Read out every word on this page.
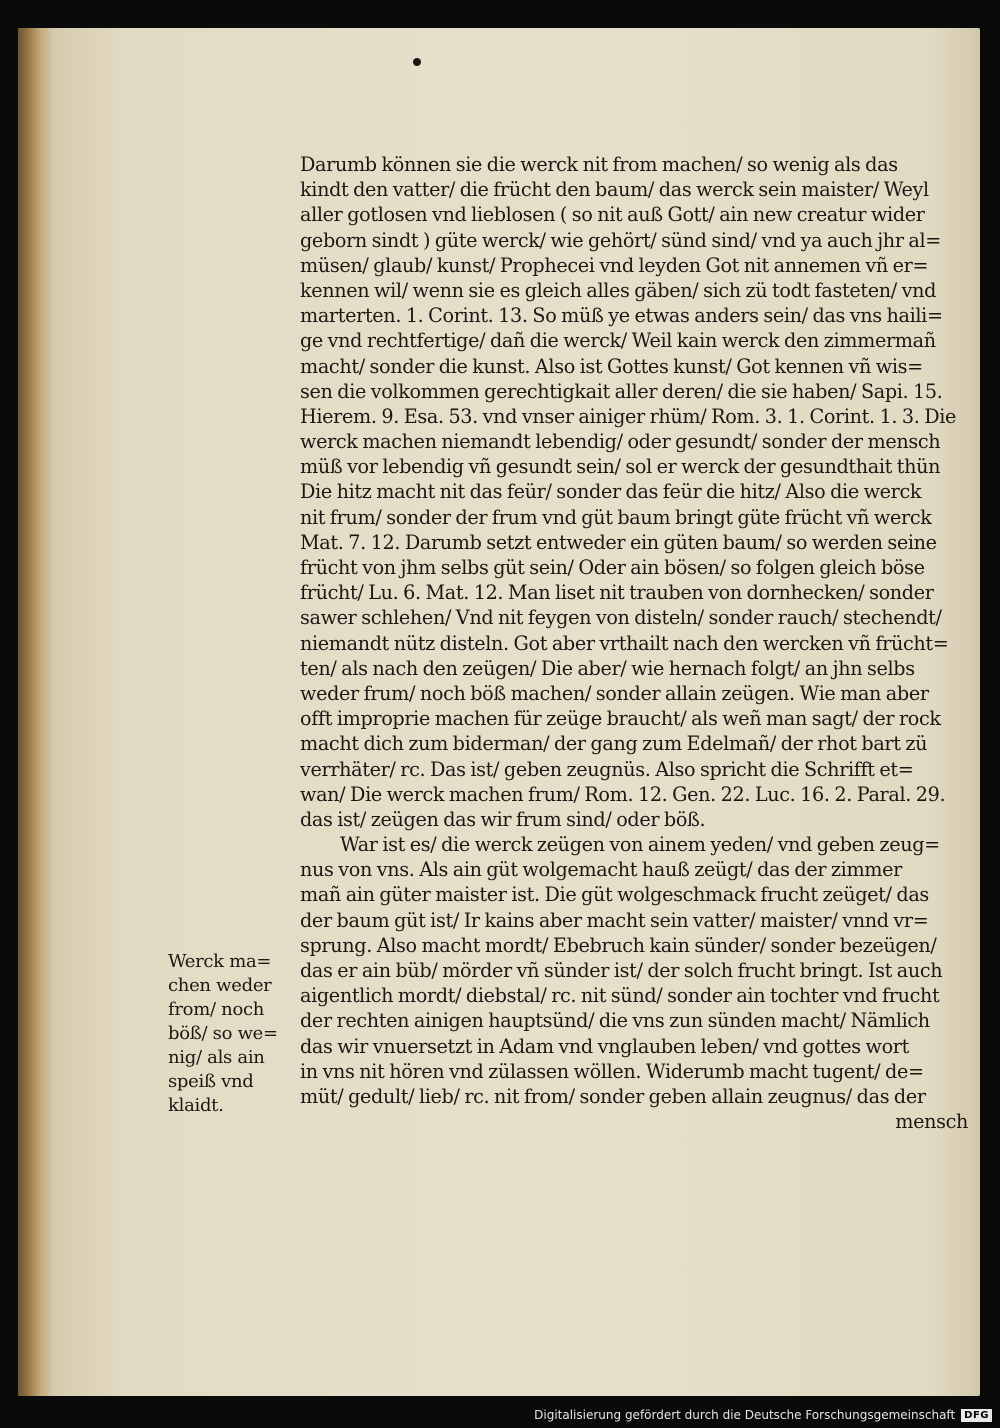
Darumb können sie die werck nit from machen/ so wenig als das
kindt den vatter/ die frücht den baum/ das werck sein maister/ Weyl
aller gotlosen vnd lieblosen ( so nit auß Gott/ ain new creatur wider
geborn sindt ) güte werck/ wie gehört/ sünd sind/ vnd ya auch jhr al=
müsen/ glaub/ kunst/ Prophecei vnd leyden Got nit annemen vñ er=
kennen wil/ wenn sie es gleich alles gäben/ sich zü todt fasteten/ vnd
marterten. 1. Corint. 13. So müß ye etwas anders sein/ das vns haili=
ge vnd rechtfertige/ dañ die werck/ Weil kain werck den zimmermañ
macht/ sonder die kunst. Also ist Gottes kunst/ Got kennen vñ wis=
sen die volkommen gerechtigkait aller deren/ die sie haben/ Sapi. 15.
Hierem. 9. Esa. 53. vnd vnser ainiger rhüm/ Rom. 3. 1. Corint. 1. 3. Die
werck machen niemandt lebendig/ oder gesundt/ sonder der mensch
müß vor lebendig vñ gesundt sein/ sol er werck der gesundthait thün
Die hitz macht nit das feür/ sonder das feür die hitz/ Also die werck
nit frum/ sonder der frum vnd güt baum bringt güte frücht vñ werck
Mat. 7. 12. Darumb setzt entweder ein güten baum/ so werden seine
frücht von jhm selbs güt sein/ Oder ain bösen/ so folgen gleich böse
frücht/ Lu. 6. Mat. 12. Man liset nit trauben von dornhecken/ sonder
sawer schlehen/ Vnd nit feygen von disteln/ sonder rauch/ stechendt/
niemandt nütz disteln. Got aber vrthailt nach den wercken vñ frücht=
ten/ als nach den zeügen/ Die aber/ wie hernach folgt/ an jhn selbs
weder frum/ noch böß machen/ sonder allain zeügen. Wie man aber
offt improprie machen für zeüge braucht/ als weñ man sagt/ der rock
macht dich zum biderman/ der gang zum Edelmañ/ der rhot bart zü
verrhäter/ rc. Das ist/ geben zeugnüs. Also spricht die Schrifft et=
wan/ Die werck machen frum/ Rom. 12. Gen. 22. Luc. 16. 2. Paral. 29.
das ist/ zeügen das wir frum sind/ oder böß.
War ist es/ die werck zeügen von ainem yeden/ vnd geben zeug=
nus von vns. Als ain güt wolgemacht hauß zeügt/ das der zimmer
mañ ain güter maister ist. Die güt wolgeschmack frucht zeüget/ das
der baum güt ist/ Ir kains aber macht sein vatter/ maister/ vnnd vr=
sprung. Also macht mordt/ Ebebruch kain sünder/ sonder bezeügen/
das er ain büb/ mörder vñ sünder ist/ der solch frucht bringt. Ist auch
aigentlich mordt/ diebstal/ rc. nit sünd/ sonder ain tochter vnd frucht
der rechten ainigen hauptsünd/ die vns zun sünden macht/ Nämlich
das wir vnuersetzt in Adam vnd vnglauben leben/ vnd gottes wort
in vns nit hören vnd zülassen wöllen. Widerumb macht tugent/ de=
müt/ gedult/ lieb/ rc. nit from/ sonder geben allain zeugnus/ das der
mensch
Werck ma=
chen weder
from/ noch
böß/ so we=
nig/ als ain
speiß vnd
klaidt.
Digitalisierung gefördert durch die Deutsche Forschungsgemeinschaft DFG
